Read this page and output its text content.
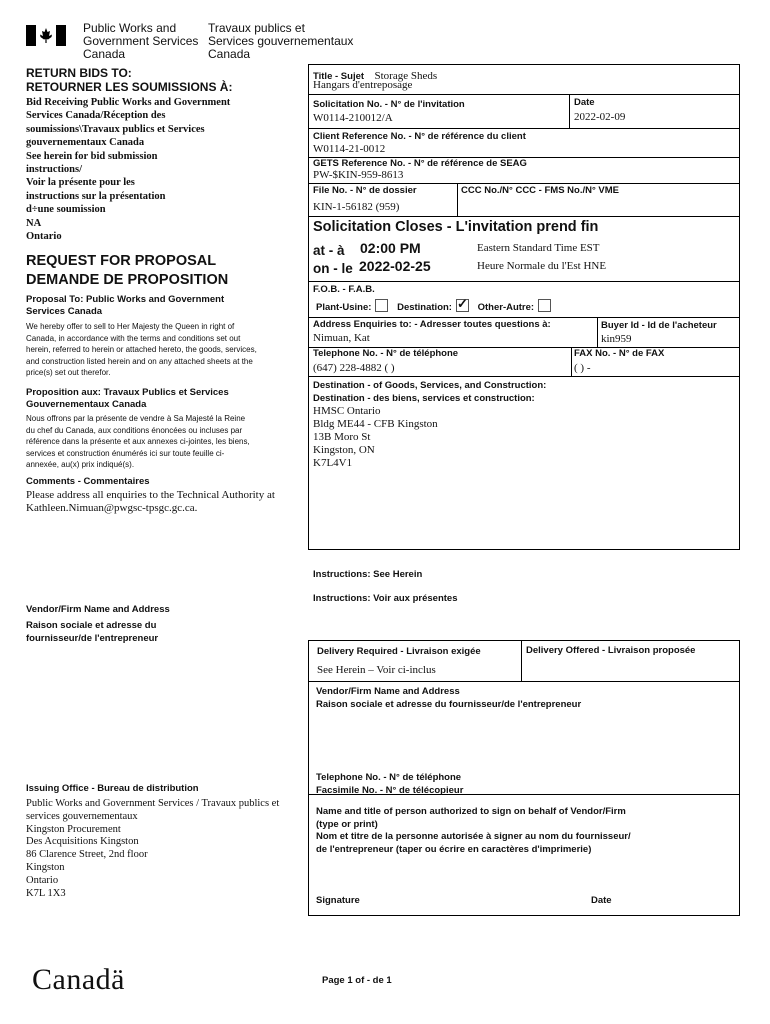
Public Works and
Government Services
Canada
Travaux publics et
Services gouvernementaux
Canada
RETURN BIDS TO:
RETOURNER LES SOUMISSIONS À:
Bid Receiving Public Works and Government
Services Canada/Réception des
soumissions\Travaux publics et Services
gouvernementaux Canada
See herein for bid submission
instructions/
Voir la présente pour les
instructions sur la présentation
d÷une soumission
NA
Ontario
REQUEST FOR PROPOSAL
DEMANDE DE PROPOSITION
Proposal To: Public Works and Government Services Canada
We hereby offer to sell to Her Majesty the Queen in right of Canada, in accordance with the terms and conditions set out herein, referred to herein or attached hereto, the goods, services, and construction listed herein and on any attached sheets at the price(s) set out therefor.
Proposition aux: Travaux Publics et Services Gouvernementaux Canada
Nous offrons par la présente de vendre à Sa Majesté la Reine du chef du Canada, aux conditions énoncées ou incluses par référence dans la présente et aux annexes ci-jointes, les biens, services et construction énumérés ici sur toute feuille ci-annexée, au(x) prix indiqué(s).
Comments - Commentaires
Please address all enquiries to the Technical Authority at Kathleen.Nimuan@pwgsc-tpsgc.gc.ca.
Vendor/Firm Name and Address
Raison sociale et adresse du
fournisseur/de l'entrepreneur
Issuing Office - Bureau de distribution
Public Works and Government Services / Travaux publics et
services gouvernementaux
Kingston Procurement
Des Acquisitions Kingston
86 Clarence Street, 2nd floor
Kingston
Ontario
K7L 1X3
Title - Sujet Storage Sheds
Hangars d'entreposage
Solicitation No. - N° de l'invitation
W0114-210012/A
Date
2022-02-09
Client Reference No. - N° de référence du client
W0114-21-0012
GETS Reference No. - N° de référence de SEAG
PW-$KIN-959-8613
File No. - N° de dossier
KIN-1-56182 (959)
CCC No./N° CCC - FMS No./N° VME
Solicitation Closes - L'invitation prend fin
at - à 02:00 PM
on - le 2022-02-25
Eastern Standard Time EST
Heure Normale du l'Est HNE
F.O.B. - F.A.B.
Plant-Usine:	Destination: ✓ Other-Autre:
Address Enquiries to: - Adresser toutes questions à:
Nimuan, Kat
Buyer Id - Id de l'acheteur
kin959
Telephone No. - N° de téléphone
(647) 228-4882 ( )
FAX No. - N° de FAX
( ) -
Destination - of Goods, Services, and Construction:
Destination - des biens, services et construction:
HMSC Ontario
Bldg ME44 - CFB Kingston
13B Moro St
Kingston, ON
K7L4V1
Instructions: See Herein
Instructions: Voir aux présentes
Delivery Required - Livraison exigée
See Herein – Voir ci-inclus
Delivery Offered - Livraison proposée
Vendor/Firm Name and Address
Raison sociale et adresse du fournisseur/de l'entrepreneur
Telephone No. - N° de téléphone
Facsimile No. - N° de télécopieur
Name and title of person authorized to sign on behalf of Vendor/Firm
(type or print)
Nom et titre de la personne autorisée à signer au nom du fournisseur/
de l'entrepreneur (taper ou écrire en caractères d'imprimerie)
Signature	Date
Canadä	Page 1 of - de 1
